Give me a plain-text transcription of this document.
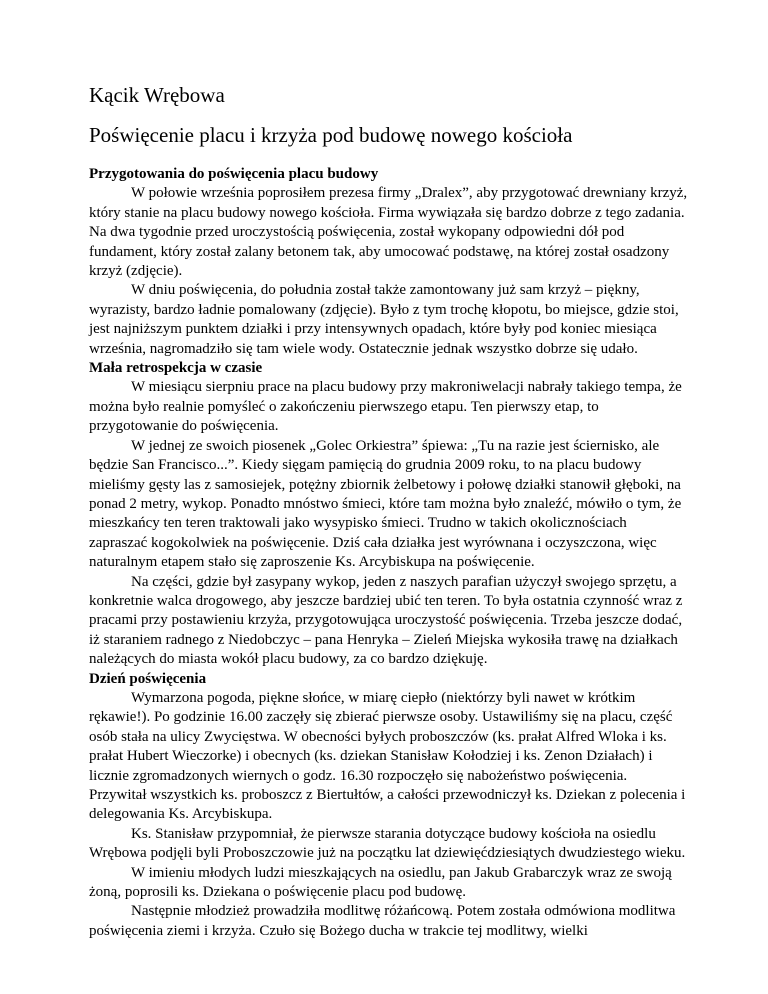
Kącik Wrębowa
Poświęcenie placu i krzyża pod budowę nowego kościoła

Przygotowania do poświęcenia placu budowy

W połowie września poprosiłem prezesa firmy „Dralex”, aby przygotować drewniany krzyż, który stanie na placu budowy nowego kościoła. Firma wywiązała się bardzo dobrze z tego zadania. Na dwa tygodnie przed uroczystością poświęcenia, został wykopany odpowiedni dół pod fundament, który został zalany betonem tak, aby umocować podstawę, na której został osadzony krzyż (zdjęcie).

W dniu poświęcenia, do południa został także zamontowany już sam krzyż – piękny, wyrazisty, bardzo ładnie pomalowany (zdjęcie). Było z tym trochę kłopotu, bo miejsce, gdzie stoi, jest najniższym punktem działki i przy intensywnych opadach, które były pod koniec miesiąca września, nagromadziło się tam wiele wody. Ostatecznie jednak wszystko dobrze się udało.

Mała retrospekcja w czasie

W miesiącu sierpniu prace na placu budowy przy makroniwelacji nabrały takiego tempa, że można było realnie pomyśleć o zakończeniu pierwszego etapu. Ten pierwszy etap, to przygotowanie do poświęcenia.

W jednej ze swoich piosenek „Golec Orkiestra” śpiewa: „Tu na razie jest ściernisko, ale będzie San Francisco...”. Kiedy sięgam pamięcią do grudnia 2009 roku, to na placu budowy mieliśmy gęsty las z samosiejek, potężny zbiornik żelbetowy i połowę działki stanowił głęboki, na ponad 2 metry, wykop. Ponadto mnóstwo śmieci, które tam można było znaleźć, mówiło o tym, że mieszkańcy ten teren traktowali jako wysypisko śmieci. Trudno w takich okolicznościach zapraszać kogokolwiek na poświęcenie. Dziś cała działka jest wyrównana i oczyszczona, więc naturalnym etapem stało się zaproszenie Ks. Arcybiskupa na poświęcenie.

Na części, gdzie był zasypany wykop, jeden z naszych parafian użyczył swojego sprzętu, a konkretnie walca drogowego, aby jeszcze bardziej ubić ten teren. To była ostatnia czynność wraz z pracami przy postawieniu krzyża, przygotowująca uroczystość poświęcenia. Trzeba jeszcze dodać, iż staraniem radnego z Niedobczyc – pana Henryka – Zieleń Miejska wykosiła trawę na działkach należących do miasta wokół placu budowy, za co bardzo dziękuję.

Dzień poświęcenia

Wymarzona pogoda, piękne słońce, w miarę ciepło (niektórzy byli nawet w krótkim rękawie!). Po godzinie 16.00 zaczęły się zbierać pierwsze osoby. Ustawiliśmy się na placu, część osób stała na ulicy Zwycięstwa. W obecności byłych proboszczów (ks. prałat Alfred Wloka i ks. prałat Hubert Wieczorke) i obecnych (ks. dziekan Stanisław Kołodziej i ks. Zenon Działach) i licznie zgromadzonych wiernych o godz. 16.30 rozpoczęło się nabożeństwo poświęcenia. Przywitał wszystkich ks. proboszcz z Biertułtów, a całości przewodniczył ks. Dziekan z polecenia i delegowania Ks. Arcybiskupa.

Ks. Stanisław przypomniał, że pierwsze starania dotyczące budowy kościoła na osiedlu Wrębowa podjęli byli Proboszczowie już na początku lat dziewięćdziesiątych dwudziestego wieku.

W imieniu młodych ludzi mieszkających na osiedlu, pan Jakub Grabarczyk wraz ze swoją żoną, poprosili ks. Dziekana o poświęcenie placu pod budowę.

Następnie młodzież prowadziła modlitwę różańcową. Potem została odmówiona modlitwa poświęcenia ziemi i krzyża. Czuło się Bożego ducha w trakcie tej modlitwy, wielki
